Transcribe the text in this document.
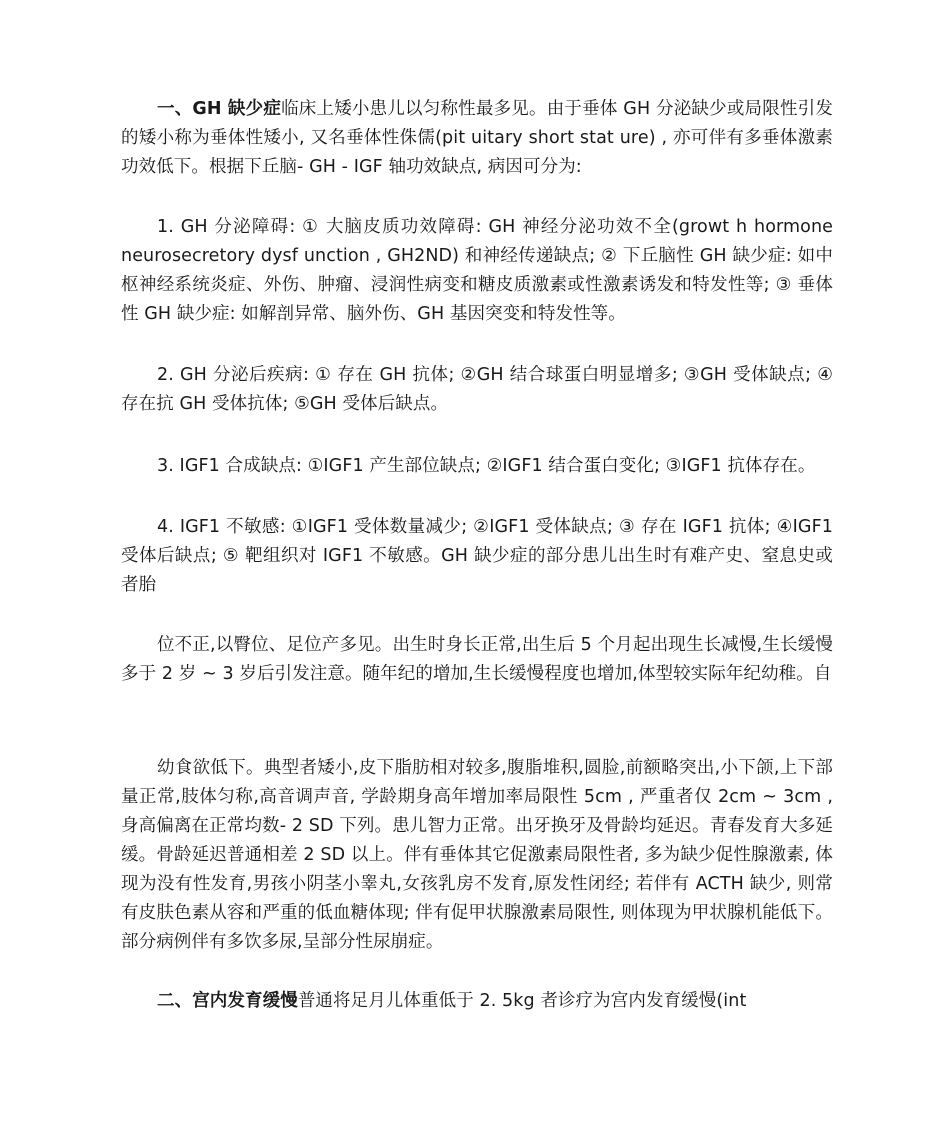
一、GH 缺少症临床上矮小患儿以匀称性最多见。由于垂体 GH 分泌缺少或局限性引发的矮小称为垂体性矮小, 又名垂体性侏儒(pit uitary short stat ure) , 亦可伴有多垂体激素功效低下。根据下丘脑- GH - IGF 轴功效缺点, 病因可分为:

1. GH 分泌障碍: ① 大脑皮质功效障碍: GH 神经分泌功效不全(growt h hormone neurosecretory dysf unction , GH2ND) 和神经传递缺点; ② 下丘脑性 GH 缺少症: 如中枢神经系统炎症、外伤、肿瘤、浸润性病变和糖皮质激素或性激素诱发和特发性等; ③ 垂体性 GH 缺少症: 如解剖异常、脑外伤、GH 基因突变和特发性等。

2. GH 分泌后疾病: ① 存在 GH 抗体; ②GH 结合球蛋白明显增多; ③GH 受体缺点; ④ 存在抗 GH 受体抗体; ⑤GH 受体后缺点。

3. IGF1 合成缺点: ①IGF1 产生部位缺点; ②IGF1 结合蛋白变化; ③IGF1 抗体存在。

4. IGF1 不敏感: ①IGF1 受体数量减少; ②IGF1 受体缺点; ③ 存在 IGF1 抗体; ④IGF1 受体后缺点; ⑤ 靶组织对 IGF1 不敏感。GH 缺少症的部分患儿出生时有难产史、窒息史或者胎

位不正,以臀位、足位产多见。出生时身长正常,出生后 5 个月起出现生长减慢,生长缓慢多于 2 岁 ~ 3 岁后引发注意。随年纪的增加,生长缓慢程度也增加,体型较实际年纪幼稚。自

幼食欲低下。典型者矮小,皮下脂肪相对较多,腹脂堆积,圆脸,前额略突出,小下颌,上下部量正常,肢体匀称,高音调声音, 学龄期身高年增加率局限性 5cm , 严重者仅 2cm ~ 3cm , 身高偏离在正常均数- 2 SD 下列。患儿智力正常。出牙换牙及骨龄均延迟。青春发育大多延缓。骨龄延迟普通相差 2 SD 以上。伴有垂体其它促激素局限性者, 多为缺少促性腺激素, 体现为没有性发育,男孩小阴茎小睾丸,女孩乳房不发育,原发性闭经; 若伴有 ACTH 缺少, 则常有皮肤色素从容和严重的低血糖体现; 伴有促甲状腺激素局限性, 则体现为甲状腺机能低下。部分病例伴有多饮多尿,呈部分性尿崩症。

二、宫内发育缓慢普通将足月儿体重低于 2. 5kg 者诊疗为宫内发育缓慢(int
